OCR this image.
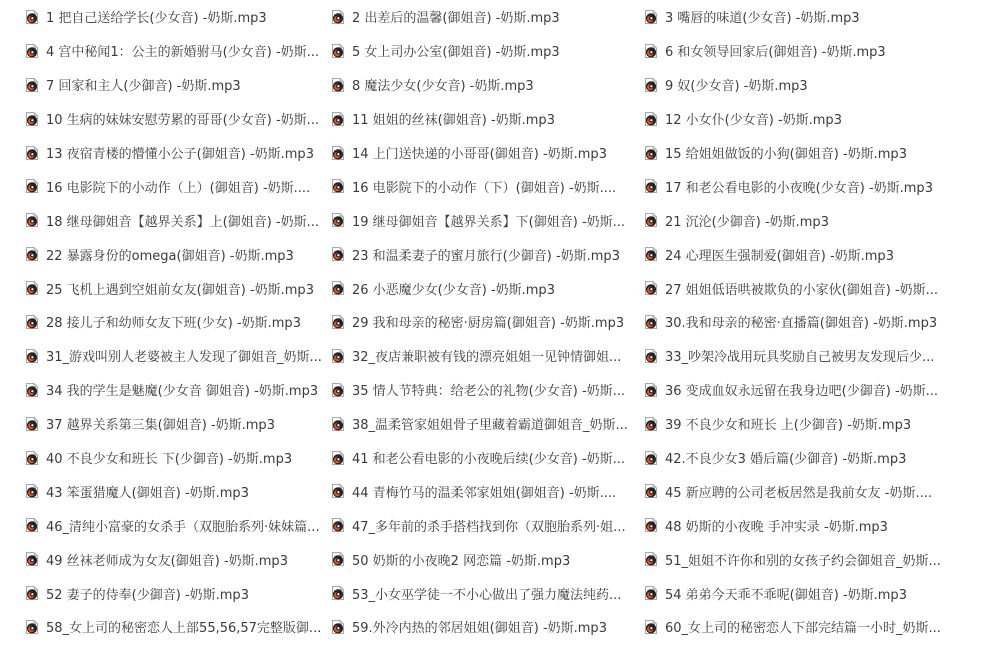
1 把自己送给学长(少女音) -奶斯.mp3
4 宫中秘闻1：公主的新婚驸马(少女音) -奶斯...
7 回家和主人(少御音) -奶斯.mp3
10 生病的妹妹安慰劳累的哥哥(少女音) -奶斯...
13 夜宿青楼的懵懂小公子(御姐音) -奶斯.mp3
16 电影院下的小动作（上）(御姐音) -奶斯....
18 继母御姐音【越界关系】上(御姐音) -奶斯...
22 暴露身份的omega(御姐音) -奶斯.mp3
25 飞机上遇到空姐前女友(御姐音) -奶斯.mp3
28 接儿子和幼师女友下班(少女) -奶斯.mp3
31_游戏叫别人老婆被主人发现了御姐音_奶斯...
34 我的学生是魅魔(少女音 御姐音) -奶斯.mp3
37 越界关系第三集(御姐音) -奶斯.mp3
40 不良少女和班长 下(少御音) -奶斯.mp3
43 笨蛋猎魔人(御姐音) -奶斯.mp3
46_清纯小富豪的女杀手（双胞胎系列·妹妹篇...
49 丝袜老师成为女友(御姐音) -奶斯.mp3
52 妻子的侍奉(少御音) -奶斯.mp3
58_女上司的秘密恋人上部55,56,57完整版御...
2 出差后的温馨(御姐音) -奶斯.mp3
5 女上司办公室(御姐音) -奶斯.mp3
8 魔法少女(少女音) -奶斯.mp3
11 姐姐的丝袜(御姐音) -奶斯.mp3
14 上门送快递的小哥哥(御姐音) -奶斯.mp3
16 电影院下的小动作（下）(御姐音) -奶斯....
19 继母御姐音【越界关系】下(御姐音) -奶斯...
23 和温柔妻子的蜜月旅行(少御音) -奶斯.mp3
26 小恶魔少女(少女音) -奶斯.mp3
29 我和母亲的秘密·厨房篇(御姐音) -奶斯.mp3
32_夜店兼职被有钱的漂亮姐姐一见钟情御姐...
35 情人节特典：给老公的礼物(少女音) -奶斯...
38_温柔管家姐姐骨子里藏着霸道御姐音_奶斯...
41 和老公看电影的小夜晚后续(少女音) -奶斯...
44 青梅竹马的温柔邻家姐姐(御姐音) -奶斯....
47_多年前的杀手搭档找到你（双胞胎系列·姐...
50 奶斯的小夜晚2 网恋篇 -奶斯.mp3
53_小女巫学徒一不小心做出了强力魔法纯药...
59.外冷内热的邻居姐姐(御姐音) -奶斯.mp3
3 嘴唇的味道(少女音) -奶斯.mp3
6 和女领导回家后(御姐音) -奶斯.mp3
9 奴(少女音) -奶斯.mp3
12 小女仆(少女音) -奶斯.mp3
15 给姐姐做饭的小狗(御姐音) -奶斯.mp3
17 和老公看电影的小夜晚(少女音) -奶斯.mp3
21 沉沦(少御音) -奶斯.mp3
24 心理医生强制爱(御姐音) -奶斯.mp3
27 姐姐低语哄被欺负的小家伙(御姐音) -奶斯...
30.我和母亲的秘密·直播篇(御姐音) -奶斯.mp3
33_吵架冷战用玩具奖励自己被男友发现后少...
36 变成血奴永远留在我身边吧(少御音) -奶斯...
39 不良少女和班长 上(少御音) -奶斯.mp3
42.不良少女3 婚后篇(少御音) -奶斯.mp3
45 新应聘的公司老板居然是我前女友 -奶斯....
48 奶斯的小夜晚 手冲实录 -奶斯.mp3
51_姐姐不许你和别的女孩子约会御姐音_奶斯...
54 弟弟今天乖不乖呢(御姐音) -奶斯.mp3
60_女上司的秘密恋人下部完结篇一小时_奶斯...
